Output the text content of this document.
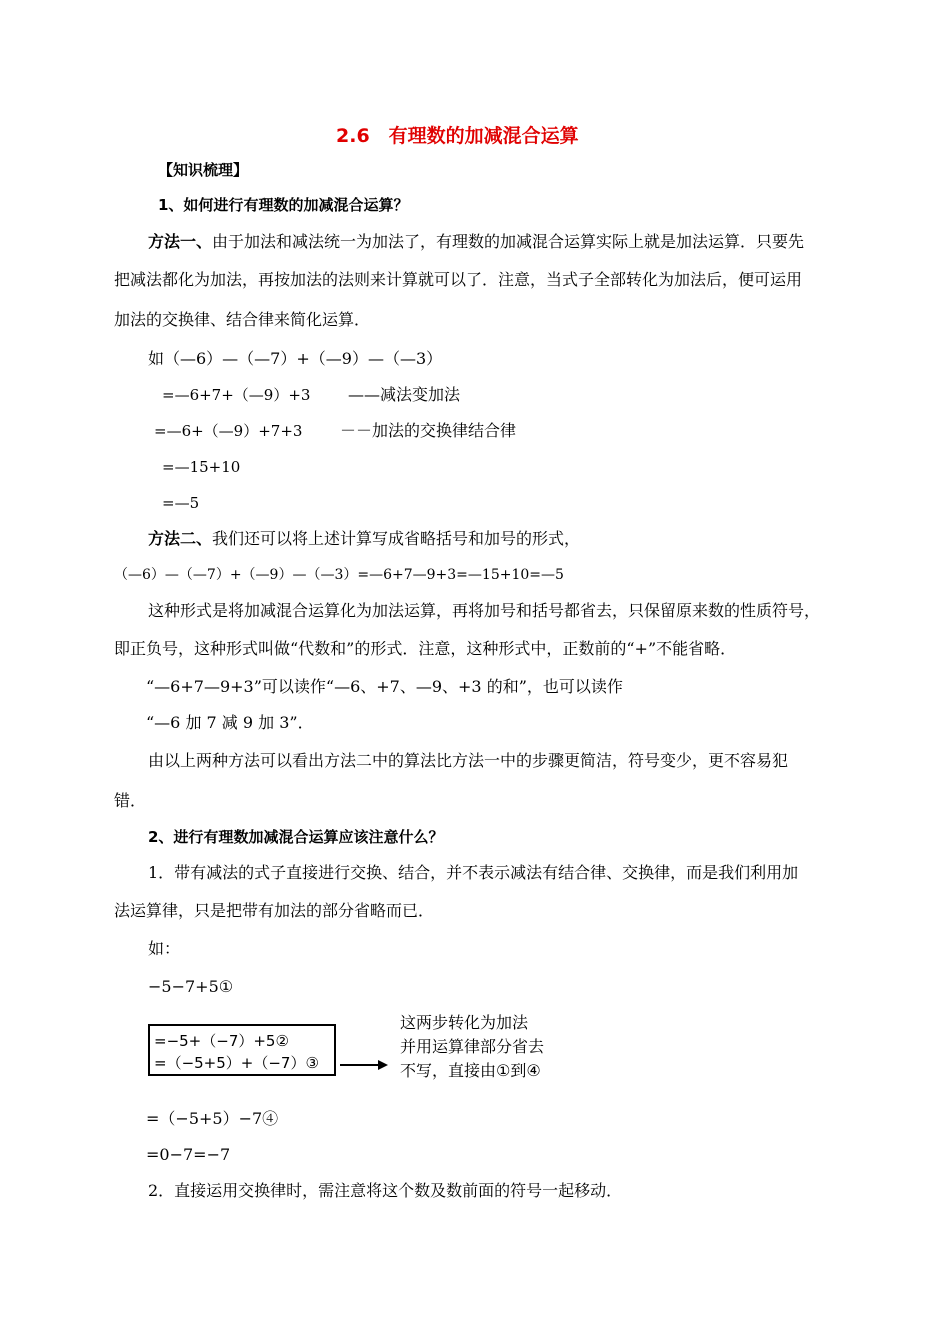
2.6　有理数的加减混合运算
【知识梳理】
1、如何进行有理数的加减混合运算？
方法一、由于加法和减法统一为加法了，有理数的加减混合运算实际上就是加法运算．只要先
把减法都化为加法，再按加法的法则来计算就可以了．注意，当式子全部转化为加法后，便可运用
加法的交换律、结合律来简化运算．
如（—6）—（—7）+（—9）—（—3）
=—6+7+（—9）+3 ——减法变加法
=—6+（—9）+7+3 －－加法的交换律结合律
=—15+10
=—5
方法二、我们还可以将上述计算写成省略括号和加号的形式，
（—6）—（—7）+（—9）—（—3）=—6+7—9+3=—15+10=—5
这种形式是将加减混合运算化为加法运算，再将加号和括号都省去，只保留原来数的性质符号，
即正负号，这种形式叫做“代数和”的形式．注意，这种形式中，正数前的“+”不能省略．
“—6+7—9+3”可以读作“—6、+7、—9、+3 的和”，也可以读作
“—6 加 7 减 9 加 3”．
由以上两种方法可以看出方法二中的算法比方法一中的步骤更简洁，符号变少，更不容易犯
错．
2、进行有理数加减混合运算应该注意什么？
1．带有减法的式子直接进行交换、结合，并不表示减法有结合律、交换律，而是我们利用加
法运算律，只是把带有加法的部分省略而已．
如：
−5−7+5①
=−5+（−7）+5②
=（−5+5）+（−7）③
这两步转化为加法
并用运算律部分省去
不写，直接由①到④
=（−5+5）−7④
=0−7=−7
2．直接运用交换律时，需注意将这个数及数前面的符号一起移动．
